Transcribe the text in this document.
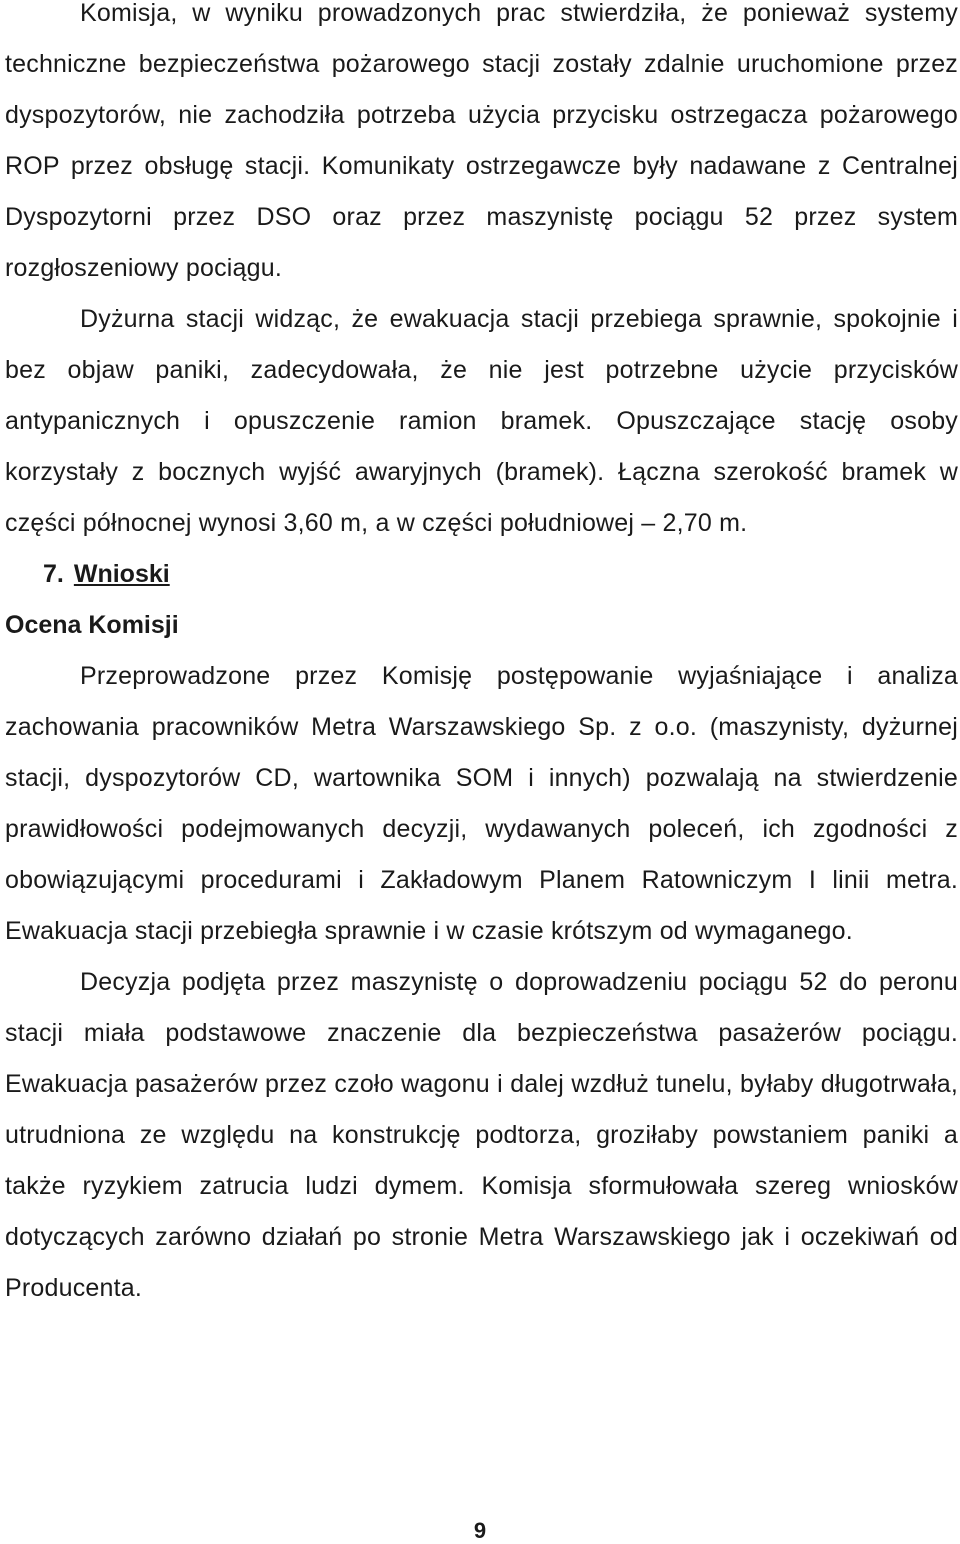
Komisja, w wyniku prowadzonych prac stwierdziła, że ponieważ systemy techniczne bezpieczeństwa pożarowego stacji zostały zdalnie uruchomione przez dyspozytorów, nie zachodziła potrzeba użycia przycisku ostrzegacza pożarowego ROP przez obsługę stacji. Komunikaty ostrzegawcze były nadawane z Centralnej Dyspozytorni przez DSO oraz przez maszynistę pociągu 52 przez system rozgłoszeniowy pociągu.

Dyżurna stacji widząc, że ewakuacja stacji przebiega sprawnie, spokojnie i bez objaw paniki, zadecydowała, że nie jest potrzebne użycie przycisków antypanicznych i opuszczenie ramion bramek. Opuszczające stację osoby korzystały z bocznych wyjść awaryjnych (bramek). Łączna szerokość bramek w części północnej wynosi 3,60 m, a w części południowej – 2,70 m.

7. Wnioski
Ocena Komisji

Przeprowadzone przez Komisję postępowanie wyjaśniające i analiza zachowania pracowników Metra Warszawskiego Sp. z o.o. (maszynisty, dyżurnej stacji, dyspozytorów CD, wartownika SOM i innych) pozwalają na stwierdzenie prawidłowości podejmowanych decyzji, wydawanych poleceń, ich zgodności z obowiązującymi procedurami i Zakładowym Planem Ratowniczym I linii metra. Ewakuacja stacji przebiegła sprawnie i w czasie krótszym od wymaganego.

Decyzja podjęta przez maszynistę o doprowadzeniu pociągu 52 do peronu stacji miała podstawowe znaczenie dla bezpieczeństwa pasażerów pociągu. Ewakuacja pasażerów przez czoło wagonu i dalej wzdłuż tunelu, byłaby długotrwała, utrudniona ze względu na konstrukcję podtorza, groziłaby powstaniem paniki a także ryzykiem zatrucia ludzi dymem. Komisja sformułowała szereg wniosków dotyczących zarówno działań po stronie Metra Warszawskiego jak i oczekiwań od Producenta.

9
